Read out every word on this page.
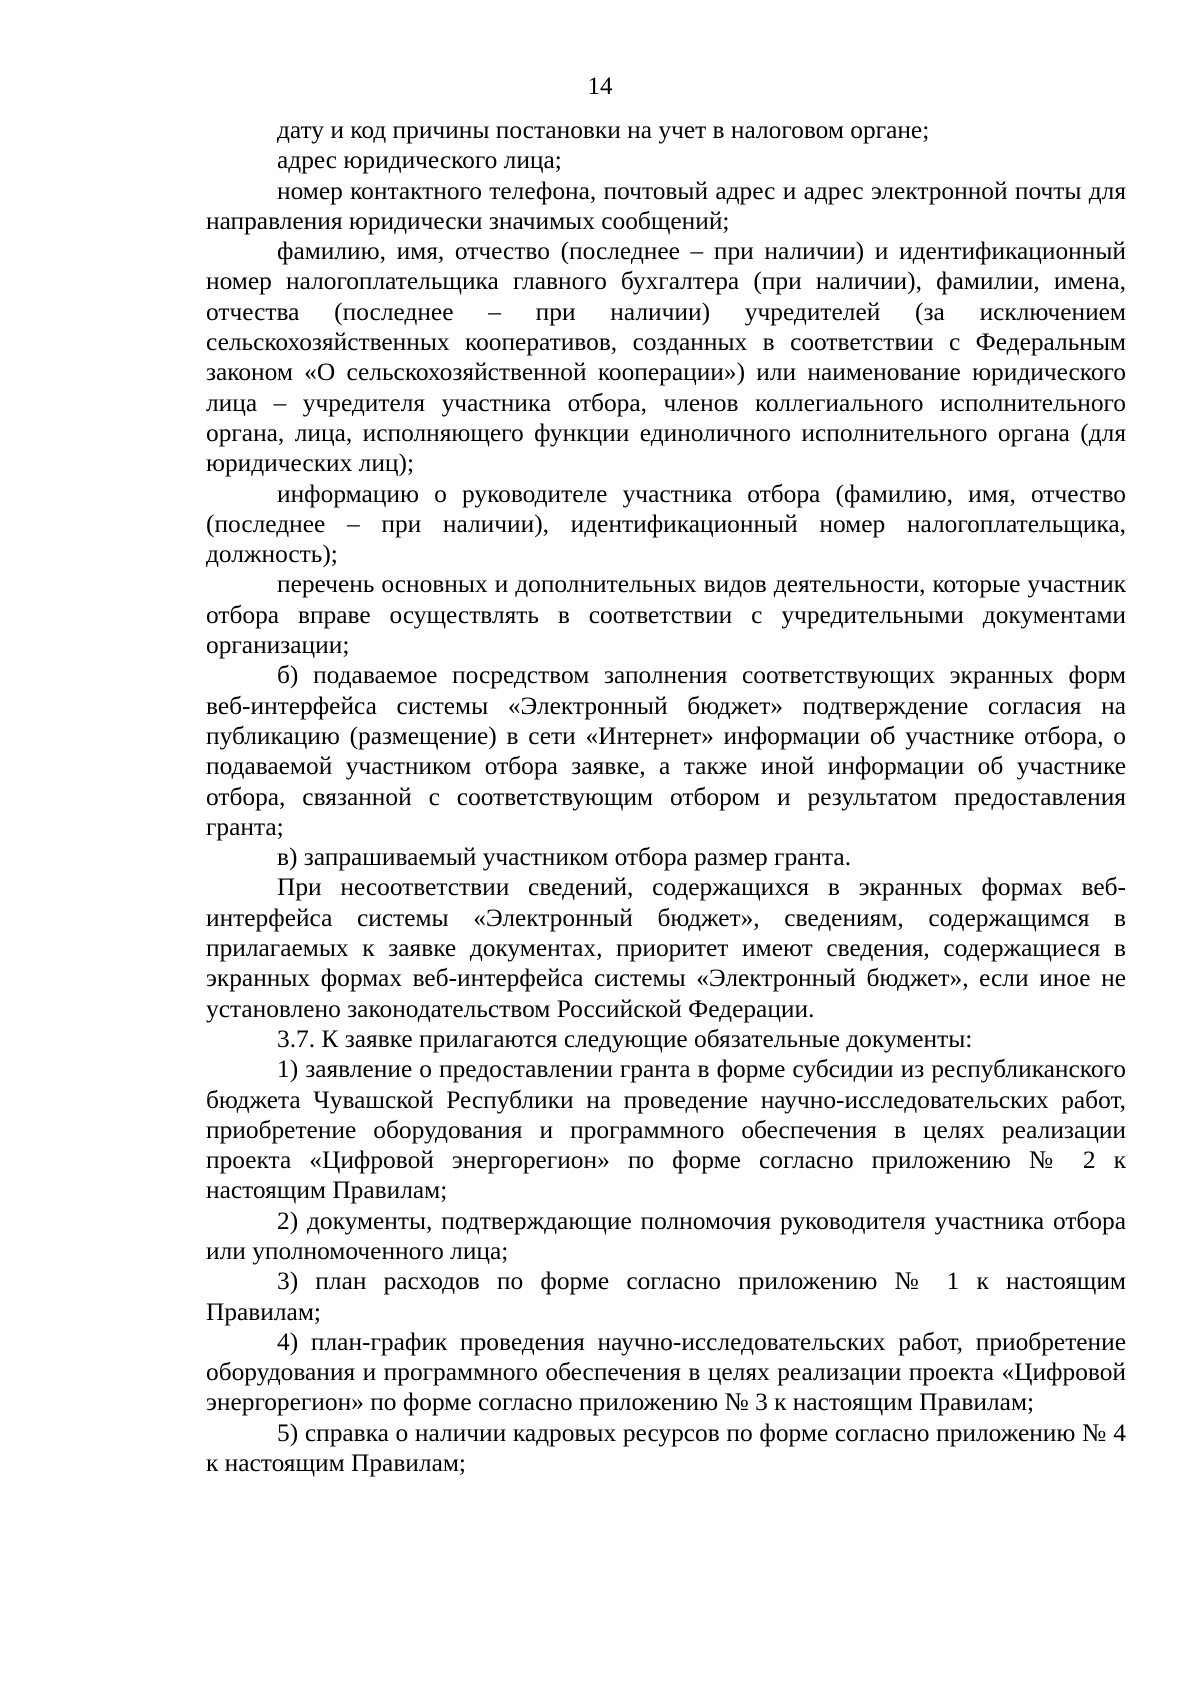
14

дату и код причины постановки на учет в налоговом органе;

адрес юридического лица;

номер контактного телефона, почтовый адрес и адрес электронной почты для направления юридически значимых сообщений;

фамилию, имя, отчество (последнее – при наличии) и идентификационный номер налогоплательщика главного бухгалтера (при наличии), фамилии, имена, отчества (последнее – при наличии) учредителей (за исключением сельскохозяйственных кооперативов, созданных в соответствии с Федеральным законом «О сельскохозяйственной кооперации») или наименование юридического лица – учредителя участника отбора, членов коллегиального исполнительного органа, лица, исполняющего функции единоличного исполнительного органа (для юридических лиц);

информацию о руководителе участника отбора (фамилию, имя, отчество (последнее – при наличии), идентификационный номер налогоплательщика, должность);

перечень основных и дополнительных видов деятельности, которые участник отбора вправе осуществлять в соответствии с учредительными документами организации;

б) подаваемое посредством заполнения соответствующих экранных форм веб-интерфейса системы «Электронный бюджет» подтверждение согласия на публикацию (размещение) в сети «Интернет» информации об участнике отбора, о подаваемой участником отбора заявке, а также иной информации об участнике отбора, связанной с соответствующим отбором и результатом предоставления гранта;

в) запрашиваемый участником отбора размер гранта.

При несоответствии сведений, содержащихся в экранных формах веб-интерфейса системы «Электронный бюджет», сведениям, содержащимся в прилагаемых к заявке документах, приоритет имеют сведения, содержащиеся в экранных формах веб-интерфейса системы «Электронный бюджет», если иное не установлено законодательством Российской Федерации.

3.7. К заявке прилагаются следующие обязательные документы:

1) заявление о предоставлении гранта в форме субсидии из республиканского бюджета Чувашской Республики на проведение научно-исследовательских работ, приобретение оборудования и программного обеспечения в целях реализации проекта «Цифровой энергорегион» по форме согласно приложению № 2 к настоящим Правилам;

2) документы, подтверждающие полномочия руководителя участника отбора или уполномоченного лица;

3) план расходов по форме согласно приложению № 1 к настоящим Правилам;

4) план-график проведения научно-исследовательских работ, приобретение оборудования и программного обеспечения в целях реализации проекта «Цифровой энергорегион» по форме согласно приложению № 3 к настоящим Правилам;

5) справка о наличии кадровых ресурсов по форме согласно приложению № 4 к настоящим Правилам;
